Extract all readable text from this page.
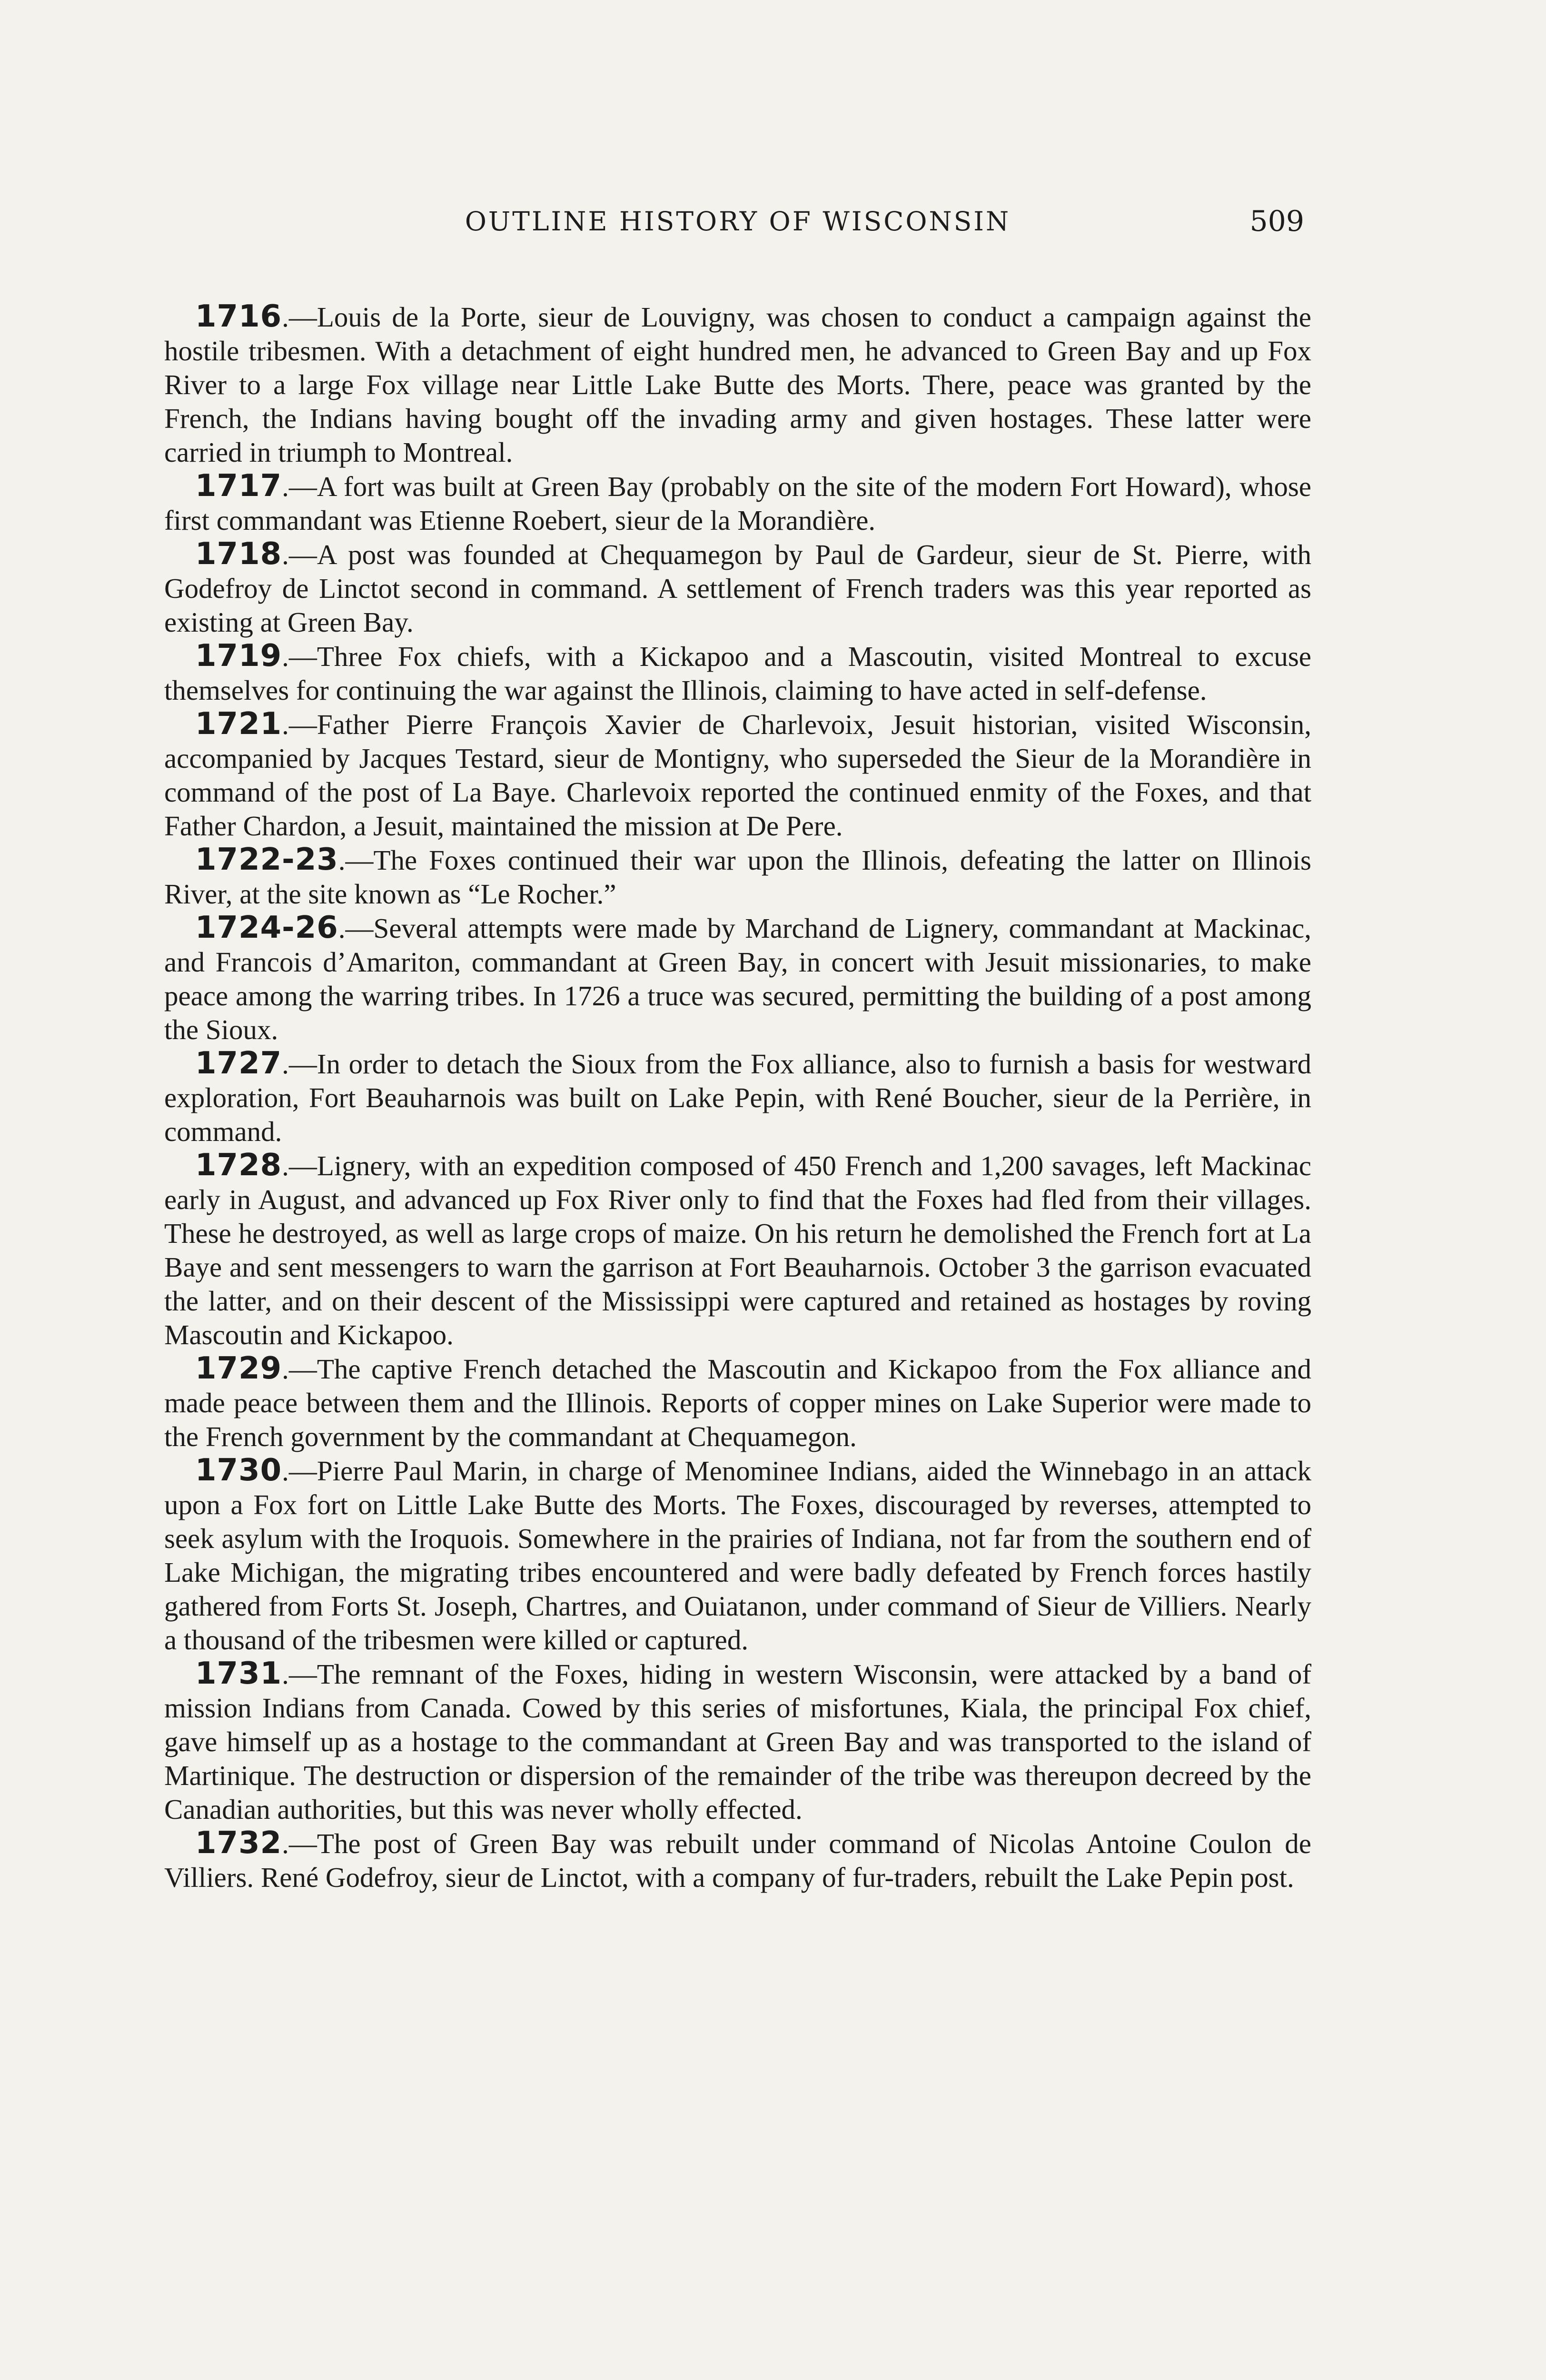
OUTLINE HISTORY OF WISCONSIN	509

1716.—Louis de la Porte, sieur de Louvigny, was chosen to conduct a campaign against the hostile tribesmen. With a detachment of eight hundred men, he advanced to Green Bay and up Fox River to a large Fox village near Little Lake Butte des Morts. There, peace was granted by the French, the Indians having bought off the invading army and given hostages. These latter were carried in triumph to Montreal.

1717.—A fort was built at Green Bay (probably on the site of the modern Fort Howard), whose first commandant was Etienne Roebert, sieur de la Morandière.

1718.—A post was founded at Chequamegon by Paul de Gardeur, sieur de St. Pierre, with Godefroy de Linctot second in command. A settlement of French traders was this year reported as existing at Green Bay.

1719.—Three Fox chiefs, with a Kickapoo and a Mascoutin, visited Montreal to excuse themselves for continuing the war against the Illinois, claiming to have acted in self-defense.

1721.—Father Pierre François Xavier de Charlevoix, Jesuit historian, visited Wisconsin, accompanied by Jacques Testard, sieur de Montigny, who superseded the Sieur de la Morandière in command of the post of La Baye. Charlevoix reported the continued enmity of the Foxes, and that Father Chardon, a Jesuit, maintained the mission at De Pere.

1722-23.—The Foxes continued their war upon the Illinois, defeating the latter on Illinois River, at the site known as “Le Rocher.”

1724-26.—Several attempts were made by Marchand de Lignery, commandant at Mackinac, and Francois d’Amariton, commandant at Green Bay, in concert with Jesuit missionaries, to make peace among the warring tribes. In 1726 a truce was secured, permitting the building of a post among the Sioux.

1727.—In order to detach the Sioux from the Fox alliance, also to furnish a basis for westward exploration, Fort Beauharnois was built on Lake Pepin, with René Boucher, sieur de la Perrière, in command.

1728.—Lignery, with an expedition composed of 450 French and 1,200 savages, left Mackinac early in August, and advanced up Fox River only to find that the Foxes had fled from their villages. These he destroyed, as well as large crops of maize. On his return he demolished the French fort at La Baye and sent messengers to warn the garrison at Fort Beauharnois. October 3 the garrison evacuated the latter, and on their descent of the Mississippi were captured and retained as hostages by roving Mascoutin and Kickapoo.

1729.—The captive French detached the Mascoutin and Kickapoo from the Fox alliance and made peace between them and the Illinois. Reports of copper mines on Lake Superior were made to the French government by the commandant at Chequamegon.

1730.—Pierre Paul Marin, in charge of Menominee Indians, aided the Winnebago in an attack upon a Fox fort on Little Lake Butte des Morts. The Foxes, discouraged by reverses, attempted to seek asylum with the Iroquois. Somewhere in the prairies of Indiana, not far from the southern end of Lake Michigan, the migrating tribes encountered and were badly defeated by French forces hastily gathered from Forts St. Joseph, Chartres, and Ouiatanon, under command of Sieur de Villiers. Nearly a thousand of the tribesmen were killed or captured.

1731.—The remnant of the Foxes, hiding in western Wisconsin, were attacked by a band of mission Indians from Canada. Cowed by this series of misfortunes, Kiala, the principal Fox chief, gave himself up as a hostage to the commandant at Green Bay and was transported to the island of Martinique. The destruction or dispersion of the remainder of the tribe was thereupon decreed by the Canadian authorities, but this was never wholly effected.

1732.—The post of Green Bay was rebuilt under command of Nicolas Antoine Coulon de Villiers. René Godefroy, sieur de Linctot, with a company of fur-traders, rebuilt the Lake Pepin post.
